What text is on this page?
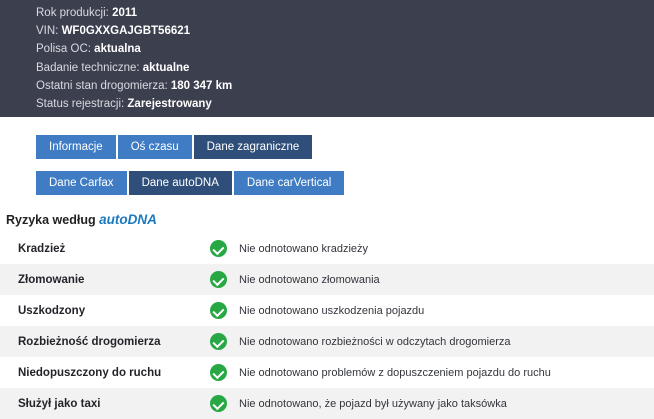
Rok produkcji: 2011
VIN: WF0GXXGAJGBT56621
Polisa OC: aktualna
Badanie techniczne: aktualne
Ostatni stan drogomierza: 180 347 km
Status rejestracji: Zarejestrowany
Informacje	Oś czasu	Dane zagraniczne
Dane Carfax	Dane autoDNA	Dane carVertical
Ryzyka według autoDNA
Kradzież	Nie odnotowano kradzieży
Złomowanie	Nie odnotowano złomowania
Uszkodzony	Nie odnotowano uszkodzenia pojazdu
Rozbieżność drogomierza	Nie odnotowano rozbieżności w odczytach drogomierza
Niedopuszczony do ruchu	Nie odnotowano problemów z dopuszczeniem pojazdu do ruchu
Służył jako taxi	Nie odnotowano, że pojazd był używany jako taksówka
